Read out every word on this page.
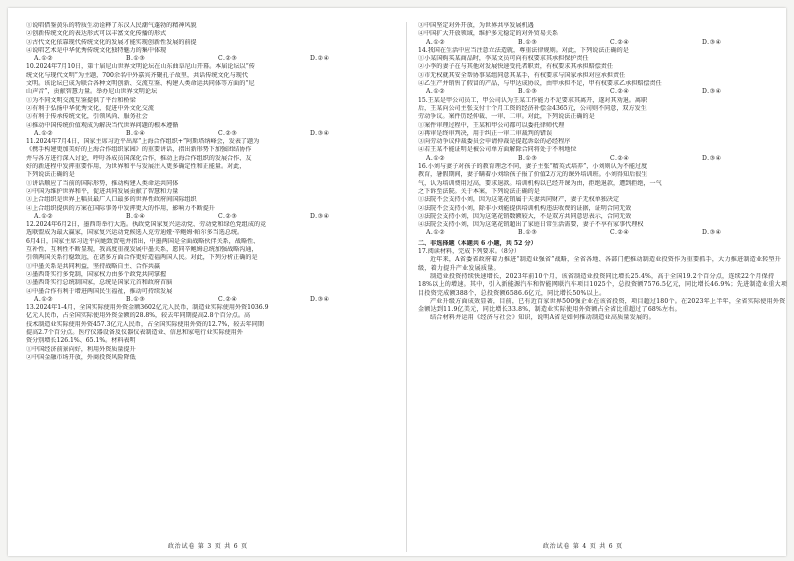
①说唱借鉴黄乐的特质生动诠释了东汉人民潮气蓬勃的精神风貌
②创新传统文化的表达形式可以丰富文化传播的形式
③古代文化依靠现代传统文化的发展才能实现创新性发展的前提
④说唱艺术是中华优秀传统文化独特魅力的集中体现
A.①②	B.①③	C.②③	D.②④
10.2024年7月10日，第十届尼山世界文明论坛在山东曲阜尼山开幕。本届论坛以“传
统文化与现代文明”为主题，700余名中外嘉宾齐聚孔子故里，共话传统文化与现代
文明。该论坛已成为联合各种文明创新、交流互鉴、构建人类命运共同体等方面的“尼
山声音”，贡献智慧力量。举办尼山世界文明论坛
①为不同文明交流互鉴提供了平台和桥梁
②有利于弘扬中华优秀文化，促进中外文化交流
③有利于传承传统文化，引领风尚、服务社会
④推动中国传统价值观成为解决当代世界问题的根本遵循
A.①②	B.①④	C.②③	D.③④
11.2024年7月4日，国家主席习近平出席“上海合作组织+”阿斯塔纳峰会，发表了题为
《携手构建更加美好的上海合作组织家园》的重要讲话，指出新形势下加强团结协作
并与各方进行深入讨论，呼吁各成员国深化合作，推动上海合作组织的发展合作、友
好的新进程中发挥重要作用，为世界和平与发展注入更多确定性和正能量。对此，
下列说法正确的是
①讲话顺应了当前的国际形势，推动构建人类命运共同体
②中国为维护世界和平，促进共同发展贡献了智慧和力量
③上合组织是世界上幅员最广人口最多的世界性政府间国际组织
④上合组织提供的方案在国际事务中发挥更大的作用，影响力不断提升
A.①②	B.①④	C.②③	D.③④
12.2024年6月2日，墨西哥举行大选。执政党国家复兴运动党、劳动党和绿色党组成的竞
选联盟成为最大赢家，国家复兴运动党候选人克劳迪娅·辛鲍姆·帕尔多当选总统。
6月4日，国家主席习近平向她致贺电并指出，中墨两国是全面战略伙伴关系，战略性、
互补性、互利性不断显现，我高度重视发展中墨关系，愿同辛鲍姆总统加强战略沟通，
引领两国关系行稳致远，在诸多方面合作更好造福两国人民。对此，下列分析正确的是
①中墨关系是共同利益，坚持战略自主、合作共赢
②墨西哥实行多党制，国家权力由多个政党共同掌握
③墨西哥实行总统制国家，总统是国家元首和政府首脑
④中墨合作有利于增进两国民生福祉，推动可持续发展
A.①②	B.①③	C.②④	D.③④
13.2024年1-4月，全国实际使用外资金额3602亿元人民币，制造业实际使用外资1036.9
亿元人民币，占全国实际使用外资金额的28.8%，较去年同期提高2.8个百分点。高
技术制造业实际使用外资457.3亿元人民币，占全国实际使用外资的12.7%，较去年同期
提高2.7个百分点。医疗仪器设备及仪器仪表制造业、信息和家电行业实际使用外
资分别增长126.1%、65.1%。材料表明
①中国经济前景向好，利用外资质量提升
②中国金融市场开放，外商投资风险降低
政治试卷 第 3 页 共 6 页
③中国坚定对外开放，为世界共享发展机遇
④中国扩大开放领域，维护多元稳定的对外贸易关系
A.①②	B.①③	C.②④	D.③④
14.我国在生活中应当注意立法造就，尊重法律规则。对此，下列说法正确的是
①小某国购买某商品时，李某文员可向有权要求其承担保护责任
②小李的妻子在与其他对发展快速受托者职责，有权要求其承担赔偿责任
③市无权就其安全帮协事某组同意其某手，有权要求与国家承担对应承担责任
④乙生产并销售了假冒的产品，与甲达成协议，由甲承担不足，甲有权要求乙承担赔偿责任
A.①②	B.①③	C.②④	D.③④
15.王某是甲公司员工，甲公司认为王某工作能力不足要求其离开，遂对其劝退。离职
后，王某向公司主张支付十个月工资的经济补偿金4365元，公司则不同意，双方发生
劳动争议。案件历经仲裁、一审、二审。对此，下列说法正确的是
①案件审理过程中，王某和甲公司都可以委托律师代理
②再审是终审判决，用于纠正一审二审裁判的错误
③向劳动争议仲裁委员会申请仲裁是提起诉讼的必经程序
④若王某不能证明是被公司单方面解除合同将处于不利地位
A.①②	B.①③	C.②④	D.③④
16.小刘与妻子对孩子的教育理念不同，妻子主张“精英式培养”，小刘则认为不能过度
教育，暑假期间，妻子瞒着小刘给孩子报了价值2万元的课外培训班。小刘得知后很生
气，认为培训费用过高，要求退款。培训机构以已经开课为由，拒绝退款，遭到拒绝，一气
之下诉至法院。关于本案，下列说法正确的是
①法院不会支持小刘，因为这笔花销属于夫妻共同财产，妻子无权单独决定
②法院不会支持小刘，除非小刘能提供培训机构违法收费的证据，证明合同无效
③法院会支持小刘，因为这笔花销数额较大，不是双方共同意思表示，合同无效
④法院会支持小刘，因为这笔花销超出了家庭日常生活需要，妻子不享有家事代理权
A.①②	B.①③	C.②④	D.③④
二、非选择题（本题共 6 小题，共 52 分）
17.阅读材料，完成下列要求。（8分）
近年来，A省委省政府着力推进“制造业强省”战略，全省各地、各部门把推动制造业投资作为重要抓手，大力推进制造业转型升级，着力提升产业发展质量。
制造业投资持续快速增长，2023年前10个月，该省制造业投资同比增长25.4%，高于全国19.2个百分点，连续22个月保持18%以上的增速。其中，引入新能源汽车和智能网联汽车项目1025个，总投资额7576.5亿元，同比增长46.9%；先进制造业重大项目投资完成额388个，总投资额6586.6亿元，同比增长50%以上。
产业升级方面成效显著，目前，已有近百家世界500强企业在该省投资，项目超过180个。在2023年上半年，全省实际使用外资金额达到11.9亿美元，同比增长33.8%，制造业实际使用外资额占全省比重超过了68%左右。
结合材料并运用《经济与社会》知识，说明A省是如何推动制造业高质量发展的。
政治试卷 第 4 页 共 6 页
